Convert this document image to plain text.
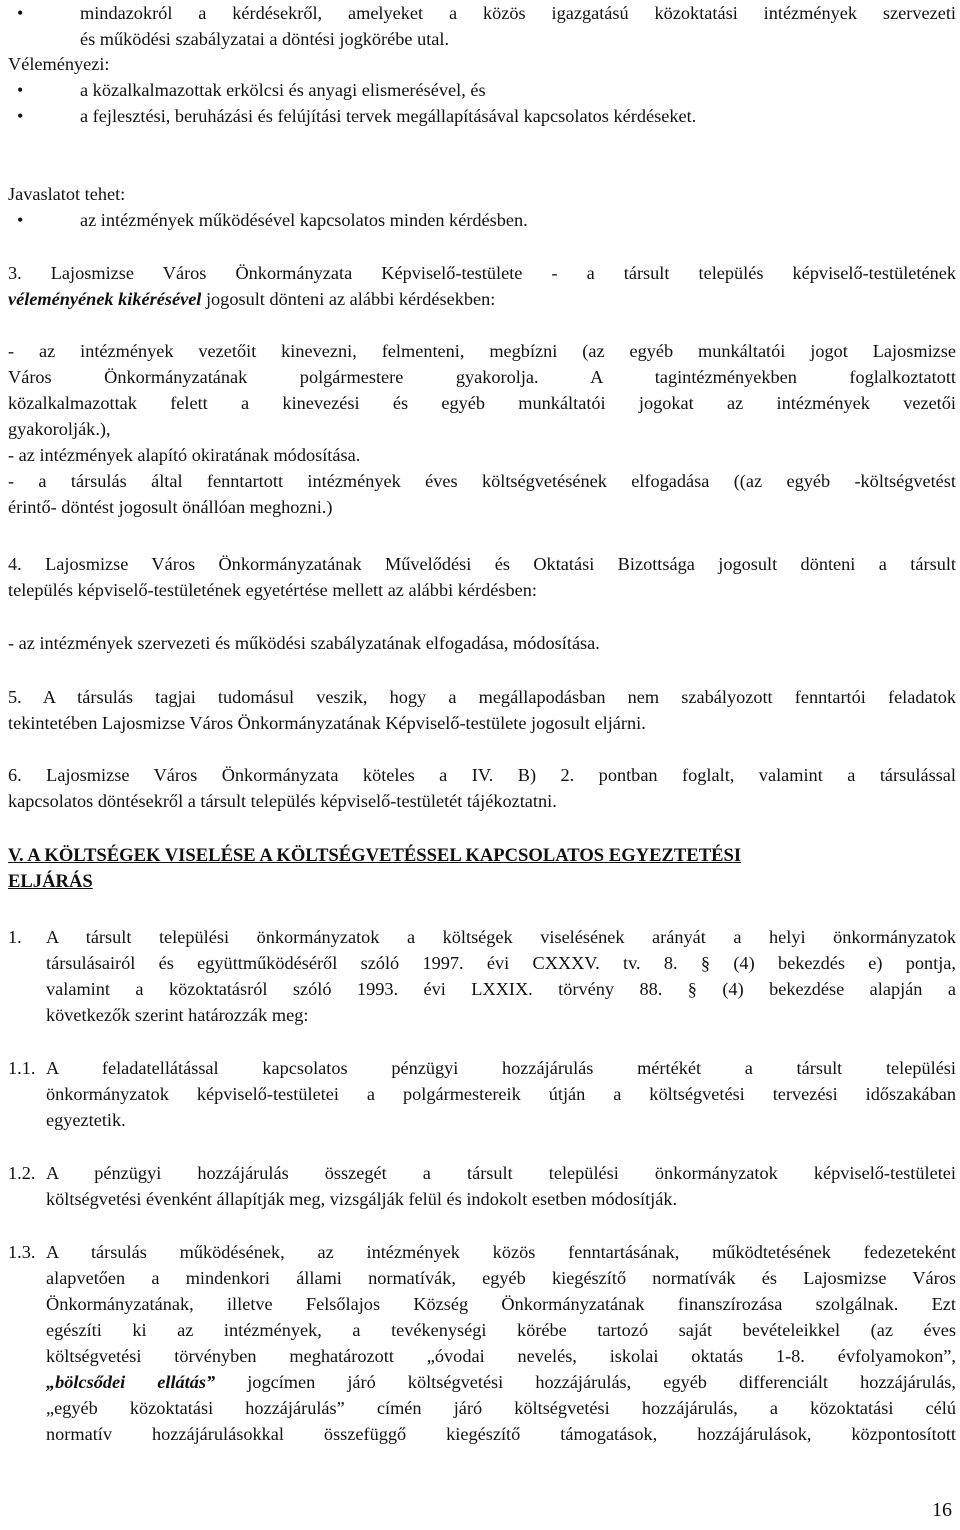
• mindazokról a kérdésekről, amelyeket a közös igazgatású közoktatási intézmények szervezeti
és működési szabályzatai a döntési jogkörébe utal.
Véleményezi:
• a közalkalmazottak erkölcsi és anyagi elismerésével, és
• a fejlesztési, beruházási és felújítási tervek megállapításával kapcsolatos kérdéseket.
Javaslatot tehet:
• az intézmények működésével kapcsolatos minden kérdésben.
3. Lajosmizse Város Önkormányzata Képviselő-testülete - a társult település képviselő-testületének
véleményének kikérésével jogosult dönteni az alábbi kérdésekben:
- az intézmények vezetőit kinevezni, felmenteni, megbízni (az egyéb munkáltatói jogot Lajosmizse
Város Önkormányzatának polgármestere gyakorolja. A tagintézményekben foglalkoztatott
közalkalmazottak felett a kinevezési és egyéb munkáltatói jogokat az intézmények vezetői
gyakorolják.),
- az intézmények alapító okiratának módosítása.
- a társulás által fenntartott intézmények éves költségvetésének elfogadása ((az egyéb -költségvetést
érintő- döntést jogosult önállóan meghozni.)
4. Lajosmizse Város Önkormányzatának Művelődési és Oktatási Bizottsága jogosult dönteni a társult
település képviselő-testületének egyetértése mellett az alábbi kérdésben:
- az intézmények szervezeti és működési szabályzatának elfogadása, módosítása.
5. A társulás tagjai tudomásul veszik, hogy a megállapodásban nem szabályozott fenntartói feladatok
tekintetében Lajosmizse Város Önkormányzatának Képviselő-testülete jogosult eljárni.
6. Lajosmizse Város Önkormányzata köteles a IV. B) 2. pontban foglalt, valamint a társulással
kapcsolatos döntésekről a társult település képviselő-testületét tájékoztatni.
V. A KÖLTSÉGEK VISELÉSE A KÖLTSÉGVETÉSSEL KAPCSOLATOS EGYEZTETÉSI
ELJÁRÁS
1. A társult települési önkormányzatok a költségek viselésének arányát a helyi önkormányzatok
társulásairól és együttműködéséről szóló 1997. évi CXXXV. tv. 8. § (4) bekezdés e) pontja,
valamint a közoktatásról szóló 1993. évi LXXIX. törvény 88. § (4) bekezdése alapján a
következők szerint határozzák meg:
1.1. A feladatellátással kapcsolatos pénzügyi hozzájárulás mértékét a társult települési
önkormányzatok képviselő-testületei a polgármestereik útján a költségvetési tervezési időszakában
egyeztetik.
1.2. A pénzügyi hozzájárulás összegét a társult települési önkormányzatok képviselő-testületei
költségvetési évenként állapítják meg, vizsgálják felül és indokolt esetben módosítják.
1.3. A társulás működésének, az intézmények közös fenntartásának, működtetésének fedezeteként
alapvetően a mindenkori állami normatívák, egyéb kiegészítő normatívák és Lajosmizse Város
Önkormányzatának, illetve Felsőlajos Község Önkormányzatának finanszírozása szolgálnak. Ezt
egészíti ki az intézmények, a tevékenységi körébe tartozó saját bevételeikkel (az éves
költségvetési törvényben meghatározott „óvodai nevelés, iskolai oktatás 1-8. évfolyamokon”,
„bölcsődei ellátás” jogcímen járó költségvetési hozzájárulás, egyéb differenciált hozzájárulás,
„egyéb közoktatási hozzájárulás” címén járó költségvetési hozzájárulás, a közoktatási célú
normatív hozzájárulásokkal összefüggő kiegészítő támogatások, hozzájárulások, központosított
16
